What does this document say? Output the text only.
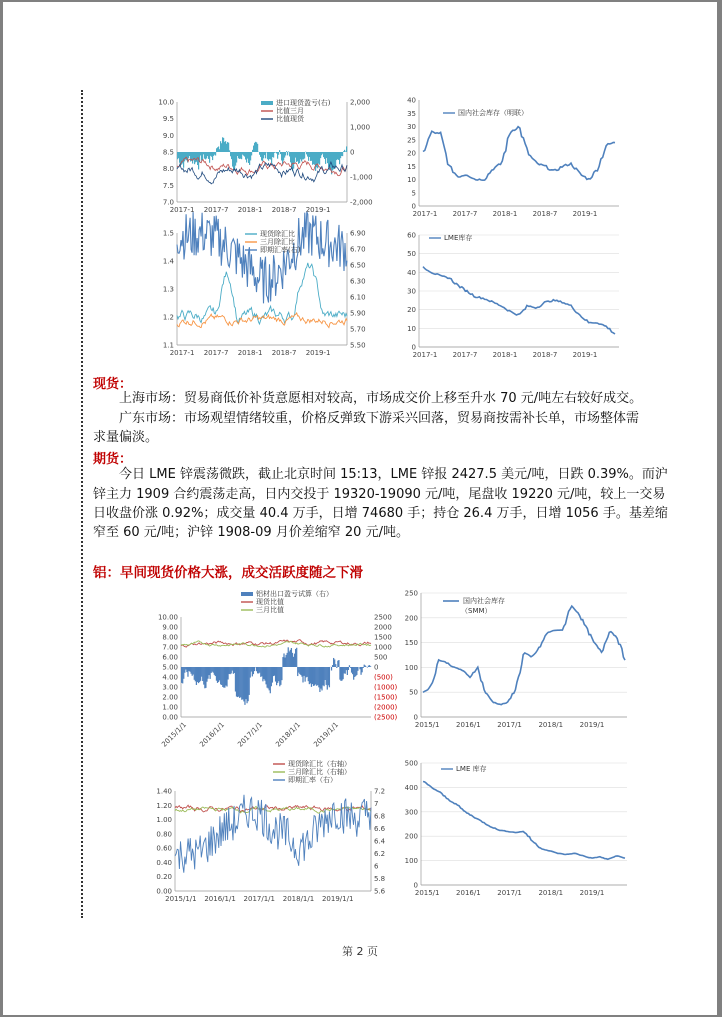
10.0
9.5
9.0
8.5
8.0
7.5
7.0
2,000
1,000
0
-1,000
-2,000
2017-1 2017-7 2018-1 2018-7 2019-1
进口现货盈亏(右)
比值三月
比值现货
40
35
30
25
20
15
10
5
0
2017-1 2017-7 2018-1 2018-7 2019-1
国内社会库存（明联）
1.5
1.4
1.3
1.2
1.1
6.90
6.70
6.50
6.30
6.10
5.90
5.70
5.50
2017-1 2017-7 2018-1 2018-7 2019-1
现货除汇比
三月除汇比
即期汇率(右)
60
50
40
30
20
10
0
2017-1 2017-7 2018-1 2018-7 2019-1
LME库存
现货：
上海市场：贸易商低价补货意愿相对较高，市场成交价上移至升水 70 元/吨左右较好成交。
广东市场：市场观望情绪较重，价格反弹致下游采兴回落，贸易商按需补长单，市场整体需
求量偏淡。
期货：
今日 LME 锌震荡微跌，截止北京时间 15:13，LME 锌报 2427.5 美元/吨，日跌 0.39%。而沪
锌主力 1909 合约震荡走高，日内交投于 19320-19090 元/吨，尾盘收 19220 元/吨，较上一交易
日收盘价涨 0.92%；成交量 40.4 万手，日增 74680 手；持仓 26.4 万手，日增 1056 手。基差缩
窄至 60 元/吨；沪锌 1908-09 月价差缩窄 20 元/吨。
铝：早间现货价格大涨，成交活跃度随之下滑
10.00
9.00
8.00
7.00
6.00
5.00
4.00
3.00
2.00
1.00
0.00
2500
2000
1500
1000
500
0
(500)
(1000)
(1500)
(2000)
(2500)
2015/1/1 2016/1/1 2017/1/1 2018/1/1 2019/1/1
铝材出口盈亏试算（右）
现货比值
三月比值
250
200
150
100
50
0
2015/1 2016/1 2017/1 2018/1 2019/1
国内社会库存
（SMM）
1.40
1.20
1.00
0.80
0.60
0.40
0.20
0.00
7.2
7
6.8
6.6
6.4
6.2
6
5.8
5.6
2015/1/1 2016/1/1 2017/1/1 2018/1/1 2019/1/1
现货除汇比（右轴）
三月除汇比（右轴）
即期汇率（右）
500
400
300
200
100
0
2015/1 2016/1 2017/1 2018/1 2019/1
LME 库存
第 2 页
